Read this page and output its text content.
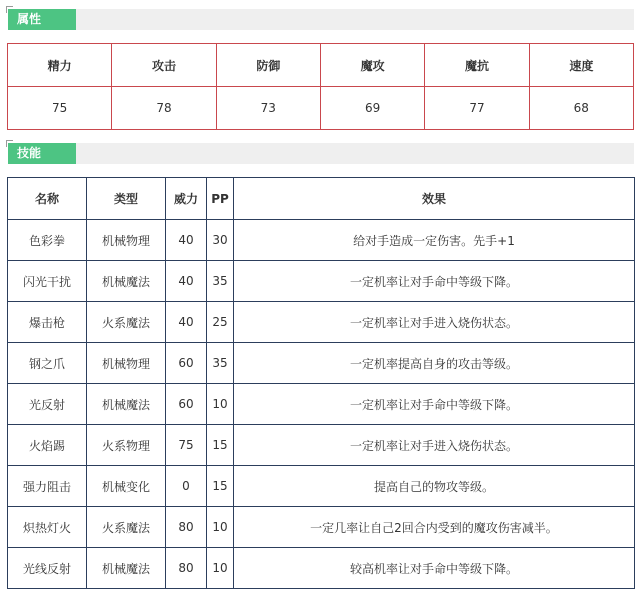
属性
精力	攻击	防御	魔攻	魔抗	速度
75	78	73	69	77	68
技能
名称	类型	威力	PP	效果
色彩拳	机械物理	40	30	给对手造成一定伤害。先手+1
闪光干扰	机械魔法	40	35	一定机率让对手命中等级下降。
爆击枪	火系魔法	40	25	一定机率让对手进入烧伤状态。
钢之爪	机械物理	60	35	一定机率提高自身的攻击等级。
光反射	机械魔法	60	10	一定机率让对手命中等级下降。
火焰踢	火系物理	75	15	一定机率让对手进入烧伤状态。
强力阻击	机械变化	0	15	提高自己的物攻等级。
炽热灯火	火系魔法	80	10	一定几率让自己2回合内受到的魔攻伤害减半。
光线反射	机械魔法	80	10	较高机率让对手命中等级下降。
